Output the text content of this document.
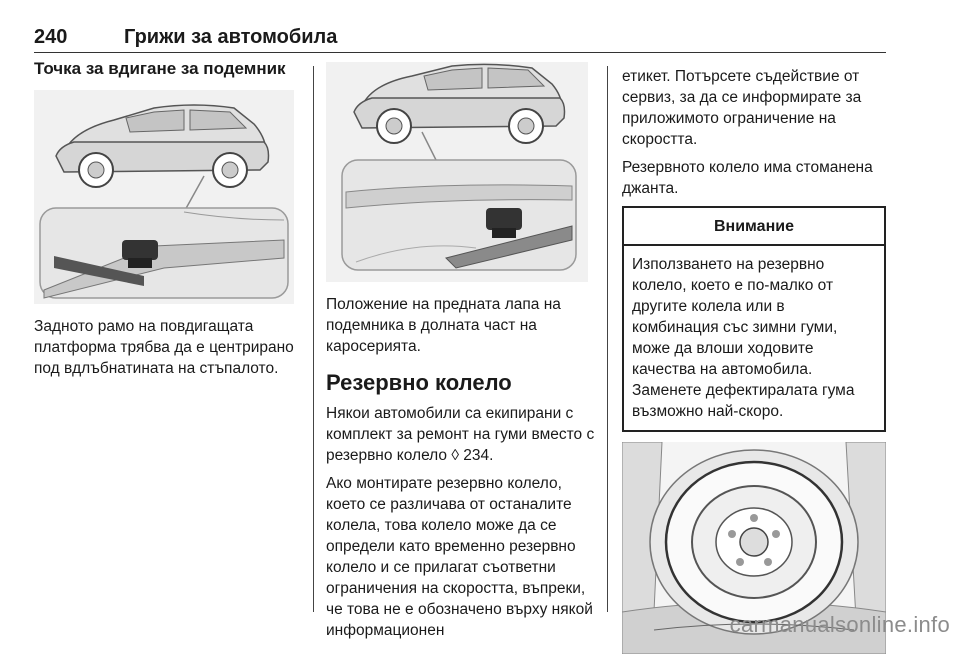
240	Грижи за автомобила
Точка за вдигане за подемник

Задното рамо на повдигащата платформа трябва да е центрирано под вдлъбнатината на стъпалото.

Положение на предната лапа на подемника в долната част на каросерията.

Резервно колело

Някои автомобили са екипирани с комплект за ремонт на гуми вместо с резервно колело ◊ 234.

Ако монтирате резервно колело, което се различава от останалите колела, това колело може да се определи като временно резервно колело и се прилагат съответни ограничения на скоростта, въпреки, че това не е обозначено върху някой информационен

етикет. Потърсете съдействие от сервиз, за да се информирате за приложимото ограничение на скоростта.

Резервното колело има стоманена джанта.

Внимание
Използването на резервно колело, което е по-малко от другите колела или в комбинация със зимни гуми, може да влоши ходовите качества на автомобила. Заменете дефектиралата гума възможно най-скоро.
carmanualsonline.info
